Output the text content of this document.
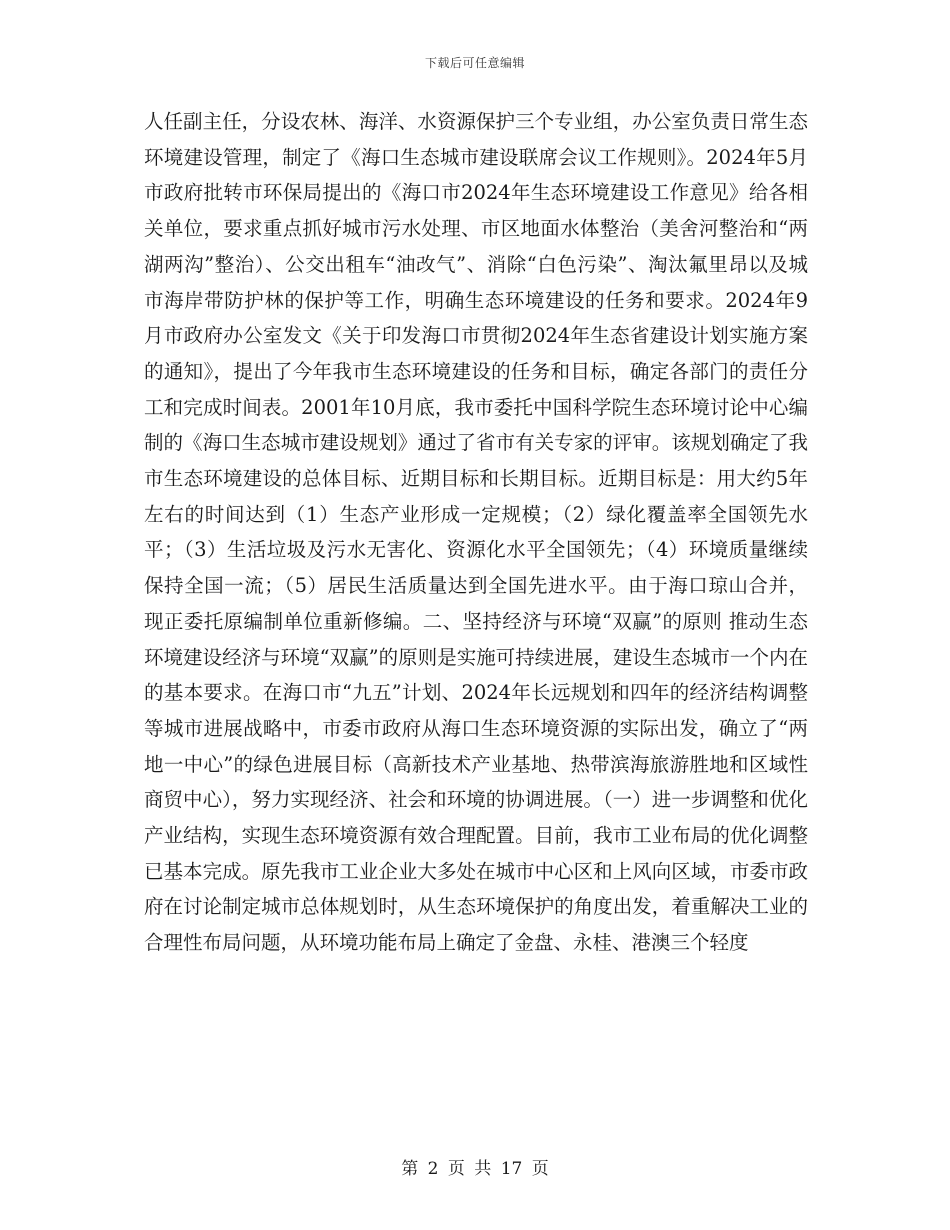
下载后可任意编辑

人任副主任，分设农林、海洋、水资源保护三个专业组，办公室负责日常生态环境建设管理，制定了《海口生态城市建设联席会议工作规则》。2024年5月市政府批转市环保局提出的《海口市2024年生态环境建设工作意见》给各相关单位，要求重点抓好城市污水处理、市区地面水体整治（美舍河整治和“两湖两沟”整治）、公交出租车“油改气”、消除“白色污染”、淘汰氟里昂以及城市海岸带防护林的保护等工作，明确生态环境建设的任务和要求。2024年9月市政府办公室发文《关于印发海口市贯彻2024年生态省建设计划实施方案的通知》，提出了今年我市生态环境建设的任务和目标，确定各部门的责任分工和完成时间表。2001年10月底，我市委托中国科学院生态环境讨论中心编制的《海口生态城市建设规划》通过了省市有关专家的评审。该规划确定了我市生态环境建设的总体目标、近期目标和长期目标。近期目标是：用大约5年左右的时间达到（1）生态产业形成一定规模；（2）绿化覆盖率全国领先水平；（3）生活垃圾及污水无害化、资源化水平全国领先；（4）环境质量继续保持全国一流；（5）居民生活质量达到全国先进水平。由于海口琼山合并，现正委托原编制单位重新修编。二、坚持经济与环境“双赢”的原则 推动生态环境建设经济与环境“双赢”的原则是实施可持续进展，建设生态城市一个内在的基本要求。在海口市“九五”计划、2024年长远规划和四年的经济结构调整等城市进展战略中，市委市政府从海口生态环境资源的实际出发，确立了“两地一中心”的绿色进展目标（高新技术产业基地、热带滨海旅游胜地和区域性商贸中心），努力实现经济、社会和环境的协调进展。（一）进一步调整和优化产业结构，实现生态环境资源有效合理配置。目前，我市工业布局的优化调整已基本完成。原先我市工业企业大多处在城市中心区和上风向区域，市委市政府在讨论制定城市总体规划时，从生态环境保护的角度出发，着重解决工业的合理性布局问题，从环境功能布局上确定了金盘、永桂、港澳三个轻度

第 2 页 共 17 页
